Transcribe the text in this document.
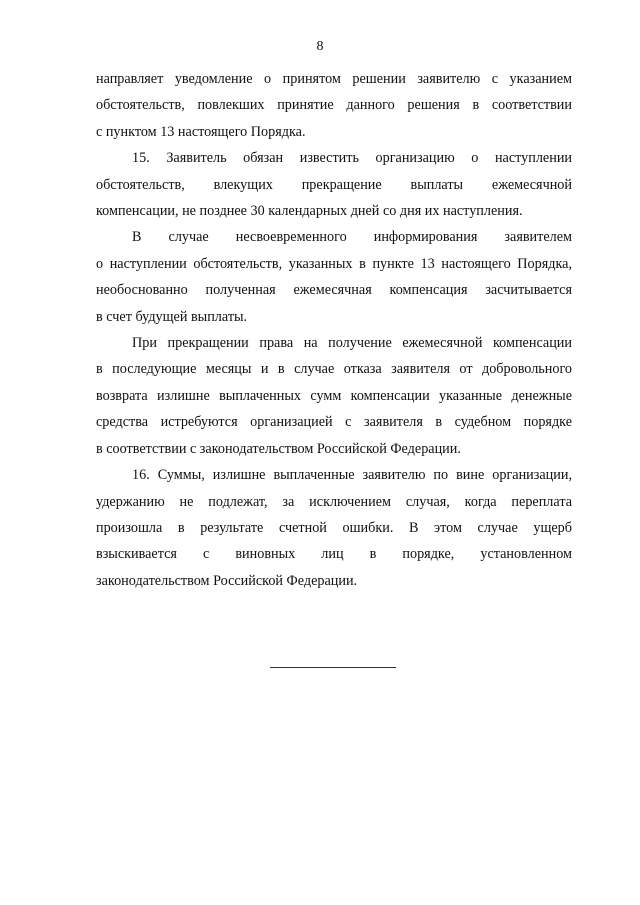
8

направляет уведомление о принятом решении заявителю с указанием
обстоятельств, повлекших принятие данного решения в соответствии
с пунктом 13 настоящего Порядка.

15. Заявитель обязан известить организацию о наступлении
обстоятельств, влекущих прекращение выплаты ежемесячной
компенсации, не позднее 30 календарных дней со дня их наступления.

В случае несвоевременного информирования заявителем
о наступлении обстоятельств, указанных в пункте 13 настоящего Порядка,
необоснованно полученная ежемесячная компенсация засчитывается
в счет будущей выплаты.

При прекращении права на получение ежемесячной компенсации
в последующие месяцы и в случае отказа заявителя от добровольного
возврата излишне выплаченных сумм компенсации указанные денежные
средства истребуются организацией с заявителя в судебном порядке
в соответствии с законодательством Российской Федерации.

16. Суммы, излишне выплаченные заявителю по вине организации,
удержанию не подлежат, за исключением случая, когда переплата
произошла в результате счетной ошибки. В этом случае ущерб
взыскивается с виновных лиц в порядке, установленном
законодательством Российской Федерации.
